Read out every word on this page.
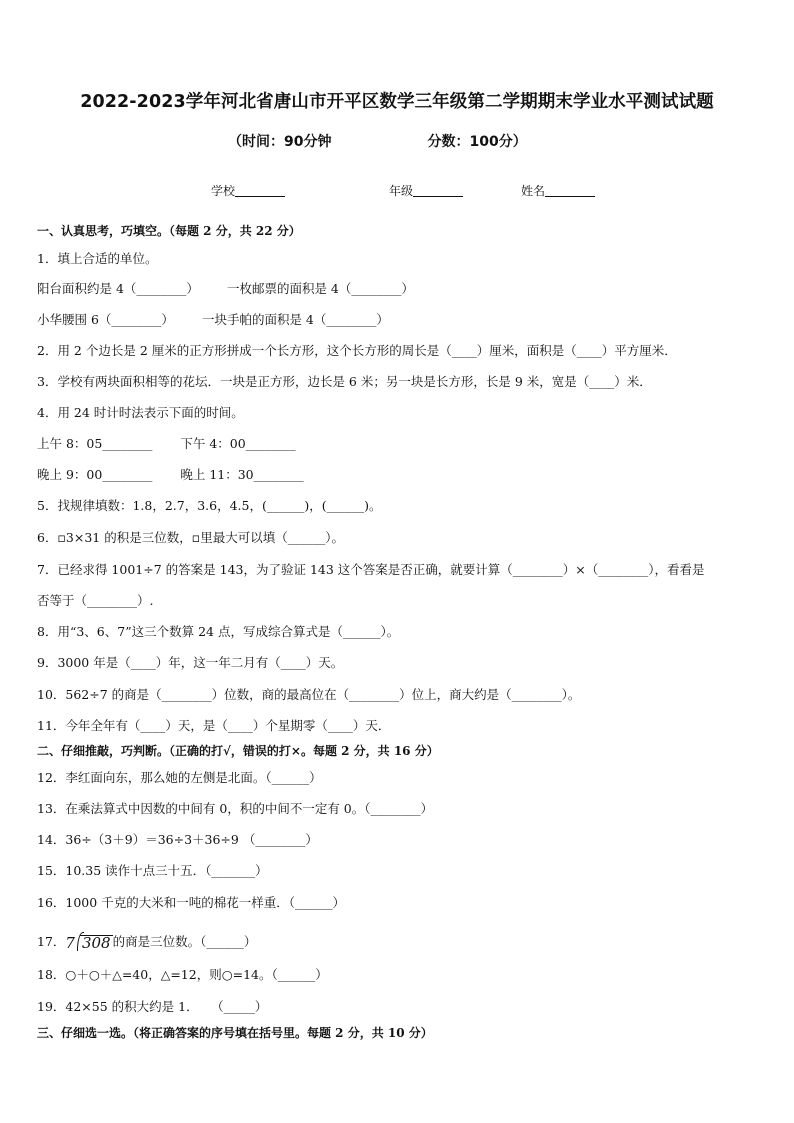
2022-2023学年河北省唐山市开平区数学三年级第二学期期末学业水平测试试题
（时间：90分钟	分数：100分）
学校	年级	姓名
一、认真思考，巧填空。（每题 2 分，共 22 分）
1．填上合适的单位。
阳台面积约是 4（________） 一枚邮票的面积是 4（________）
小华腰围 6（________） 一块手帕的面积是 4（________）
2．用 2 个边长是 2 厘米的正方形拼成一个长方形，这个长方形的周长是（____）厘米，面积是（____）平方厘米．
3．学校有两块面积相等的花坛．一块是正方形，边长是 6 米；另一块是长方形，长是 9 米，宽是（____）米．
4．用 24 时计时法表示下面的时间。
上午 8：05________ 下午 4：00________
晚上 9：00________ 晚上 11：30________
5．找规律填数：1.8，2.7，3.6，4.5，(______)，(______)。
6．▫3×31 的积是三位数，▫里最大可以填（______）。
7．已经求得 1001÷7 的答案是 143，为了验证 143 这个答案是否正确，就要计算（________）×（________），看看是
否等于（________）.
8．用“3、6、7”这三个数算 24 点，写成综合算式是（______）。
9．3000 年是（____）年，这一年二月有（____）天。
10．562÷7 的商是（________）位数，商的最高位在（________）位上，商大约是（________）。
11．今年全年有（____）天，是（____）个星期零（____）天．
二、仔细推敲，巧判断。（正确的打√，错误的打×。每题 2 分，共 16 分）
12．李红面向东，那么她的左侧是北面。（______）
13．在乘法算式中因数的中间有 0，积的中间不一定有 0。（________）
14．36÷（3＋9）＝36÷3＋36÷9 （________）
15．10.35 读作十点三十五．（_______）
16．1000 千克的大米和一吨的棉花一样重．（______）
17．7 308 的商是三位数。（______）
18．○＋○＋△=40，△=12，则○=14。（______）
19．42×55 的积大约是 1．　　（_____）
三、仔细选一选。（将正确答案的序号填在括号里。每题 2 分，共 10 分）
